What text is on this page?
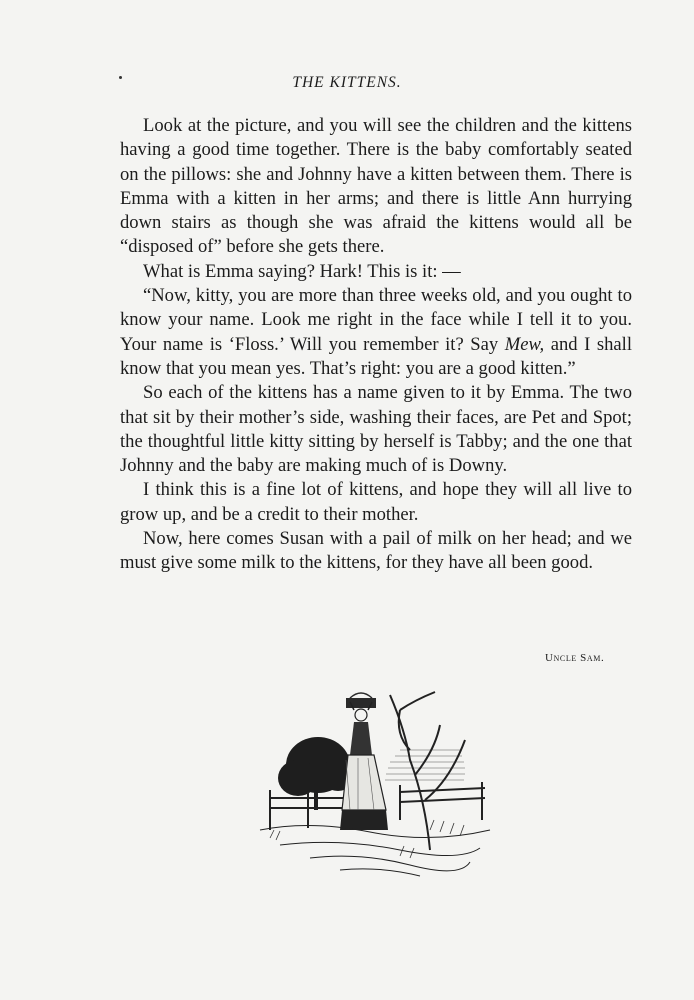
THE KITTENS.

Look at the picture, and you will see the children and the kittens having a good time together. There is the baby comfortably seated on the pillows: she and Johnny have a kitten between them. There is Emma with a kitten in her arms; and there is little Ann hurrying down stairs as though she was afraid the kittens would all be “disposed of” before she gets there.

What is Emma saying? Hark! This is it: —

“Now, kitty, you are more than three weeks old, and you ought to know your name. Look me right in the face while I tell it to you. Your name is ‘Floss.’ Will you remember it? Say Mew, and I shall know that you mean yes. That’s right: you are a good kitten.”

So each of the kittens has a name given to it by Emma. The two that sit by their mother’s side, washing their faces, are Pet and Spot; the thoughtful little kitty sitting by herself is Tabby; and the one that Johnny and the baby are making much of is Downy.

I think this is a fine lot of kittens, and hope they will all live to grow up, and be a credit to their mother.

Now, here comes Susan with a pail of milk on her head; and we must give some milk to the kittens, for they have all been good.

Uncle Sam.
